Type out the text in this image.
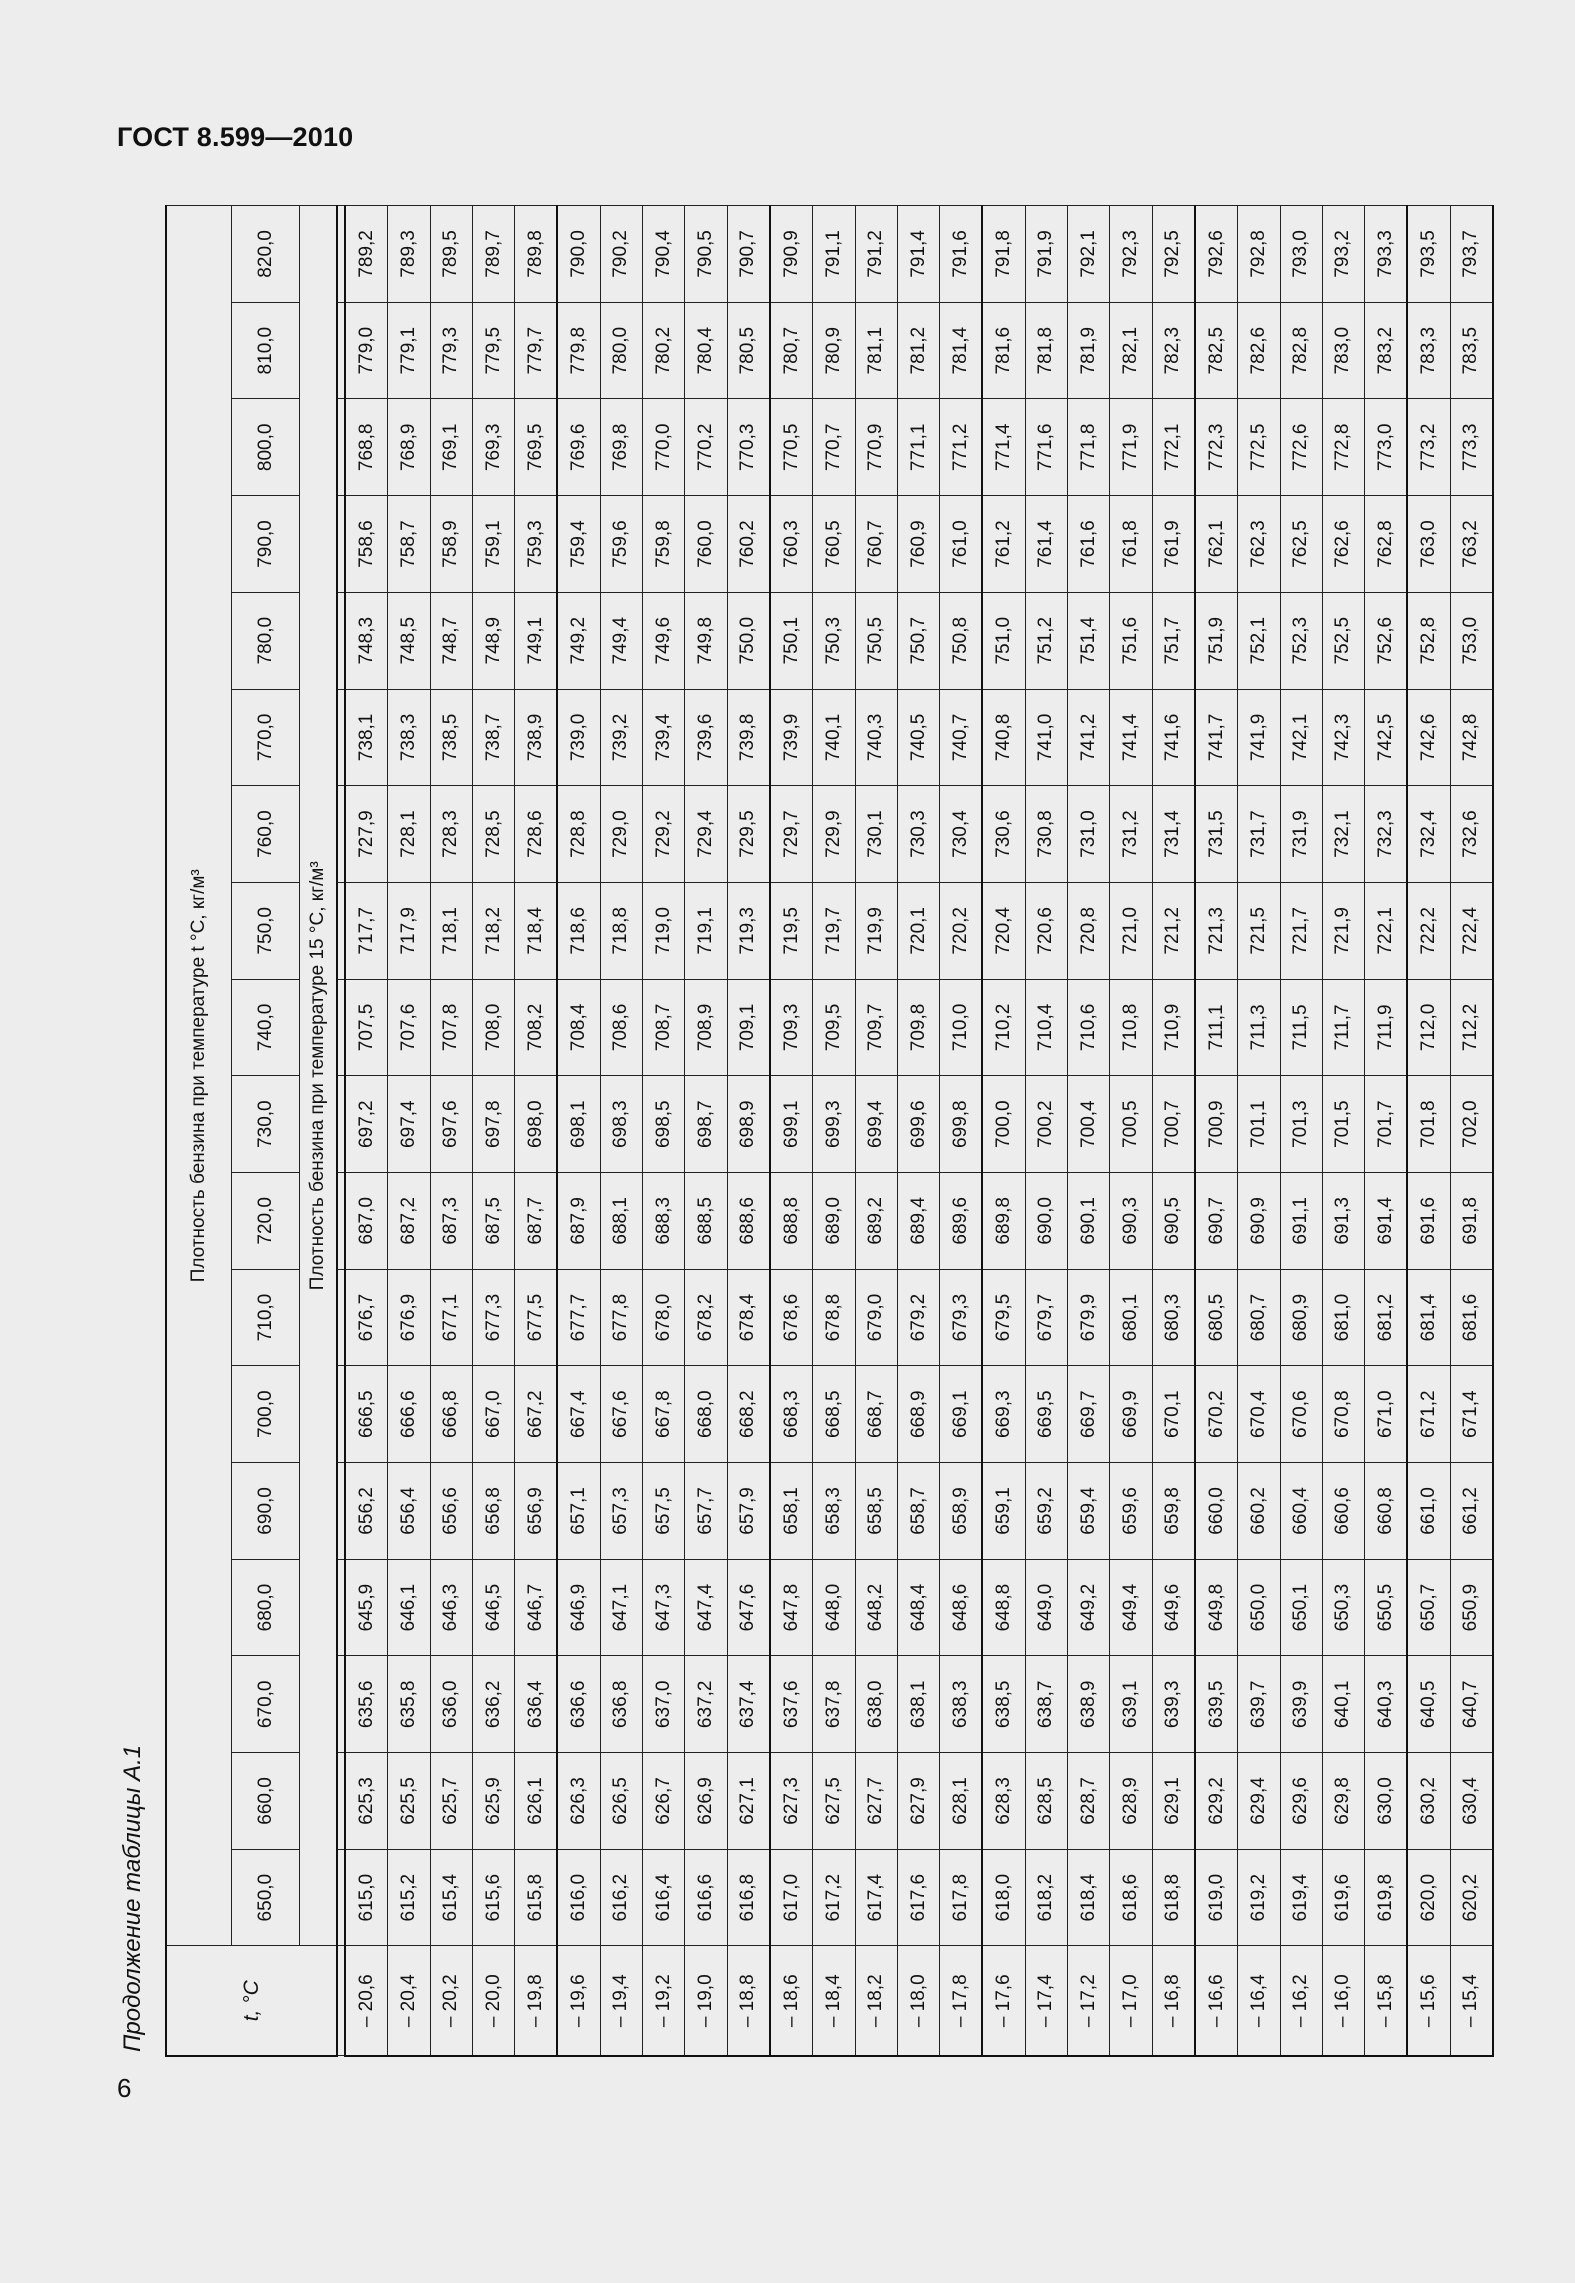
ГОСТ 8.599—2010
6
Продолжение таблицы А.1	t, °C	Плотность бензина при температуре t °C, кг/м³																	
	650,0	660,0	670,0	680,0	690,0	700,0	710,0	720,0	730,0	740,0	750,0	760,0	770,0	780,0	790,0	800,0	810,0	820,0
	Плотность бензина при температуре 15 °C, кг/м³																	

– 20,6	615,0	625,3	635,6	645,9	656,2	666,5	676,7	687,0	697,2	707,5	717,7	727,9	738,1	748,3	758,6	768,8	779,0	789,2
– 20,4	615,2	625,5	635,8	646,1	656,4	666,6	676,9	687,2	697,4	707,6	717,9	728,1	738,3	748,5	758,7	768,9	779,1	789,3
– 20,2	615,4	625,7	636,0	646,3	656,6	666,8	677,1	687,3	697,6	707,8	718,1	728,3	738,5	748,7	758,9	769,1	779,3	789,5
– 20,0	615,6	625,9	636,2	646,5	656,8	667,0	677,3	687,5	697,8	708,0	718,2	728,5	738,7	748,9	759,1	769,3	779,5	789,7
– 19,8	615,8	626,1	636,4	646,7	656,9	667,2	677,5	687,7	698,0	708,2	718,4	728,6	738,9	749,1	759,3	769,5	779,7	789,8
– 19,6	616,0	626,3	636,6	646,9	657,1	667,4	677,7	687,9	698,1	708,4	718,6	728,8	739,0	749,2	759,4	769,6	779,8	790,0
– 19,4	616,2	626,5	636,8	647,1	657,3	667,6	677,8	688,1	698,3	708,6	718,8	729,0	739,2	749,4	759,6	769,8	780,0	790,2
– 19,2	616,4	626,7	637,0	647,3	657,5	667,8	678,0	688,3	698,5	708,7	719,0	729,2	739,4	749,6	759,8	770,0	780,2	790,4
– 19,0	616,6	626,9	637,2	647,4	657,7	668,0	678,2	688,5	698,7	708,9	719,1	729,4	739,6	749,8	760,0	770,2	780,4	790,5
– 18,8	616,8	627,1	637,4	647,6	657,9	668,2	678,4	688,6	698,9	709,1	719,3	729,5	739,8	750,0	760,2	770,3	780,5	790,7
– 18,6	617,0	627,3	637,6	647,8	658,1	668,3	678,6	688,8	699,1	709,3	719,5	729,7	739,9	750,1	760,3	770,5	780,7	790,9
– 18,4	617,2	627,5	637,8	648,0	658,3	668,5	678,8	689,0	699,3	709,5	719,7	729,9	740,1	750,3	760,5	770,7	780,9	791,1
– 18,2	617,4	627,7	638,0	648,2	658,5	668,7	679,0	689,2	699,4	709,7	719,9	730,1	740,3	750,5	760,7	770,9	781,1	791,2
– 18,0	617,6	627,9	638,1	648,4	658,7	668,9	679,2	689,4	699,6	709,8	720,1	730,3	740,5	750,7	760,9	771,1	781,2	791,4
– 17,8	617,8	628,1	638,3	648,6	658,9	669,1	679,3	689,6	699,8	710,0	720,2	730,4	740,7	750,8	761,0	771,2	781,4	791,6
– 17,6	618,0	628,3	638,5	648,8	659,1	669,3	679,5	689,8	700,0	710,2	720,4	730,6	740,8	751,0	761,2	771,4	781,6	791,8
– 17,4	618,2	628,5	638,7	649,0	659,2	669,5	679,7	690,0	700,2	710,4	720,6	730,8	741,0	751,2	761,4	771,6	781,8	791,9
– 17,2	618,4	628,7	638,9	649,2	659,4	669,7	679,9	690,1	700,4	710,6	720,8	731,0	741,2	751,4	761,6	771,8	781,9	792,1
– 17,0	618,6	628,9	639,1	649,4	659,6	669,9	680,1	690,3	700,5	710,8	721,0	731,2	741,4	751,6	761,8	771,9	782,1	792,3
– 16,8	618,8	629,1	639,3	649,6	659,8	670,1	680,3	690,5	700,7	710,9	721,2	731,4	741,6	751,7	761,9	772,1	782,3	792,5
– 16,6	619,0	629,2	639,5	649,8	660,0	670,2	680,5	690,7	700,9	711,1	721,3	731,5	741,7	751,9	762,1	772,3	782,5	792,6
– 16,4	619,2	629,4	639,7	650,0	660,2	670,4	680,7	690,9	701,1	711,3	721,5	731,7	741,9	752,1	762,3	772,5	782,6	792,8
– 16,2	619,4	629,6	639,9	650,1	660,4	670,6	680,9	691,1	701,3	711,5	721,7	731,9	742,1	752,3	762,5	772,6	782,8	793,0
– 16,0	619,6	629,8	640,1	650,3	660,6	670,8	681,0	691,3	701,5	711,7	721,9	732,1	742,3	752,5	762,6	772,8	783,0	793,2
– 15,8	619,8	630,0	640,3	650,5	660,8	671,0	681,2	691,4	701,7	711,9	722,1	732,3	742,5	752,6	762,8	773,0	783,2	793,3
– 15,6	620,0	630,2	640,5	650,7	661,0	671,2	681,4	691,6	701,8	712,0	722,2	732,4	742,6	752,8	763,0	773,2	783,3	793,5
– 15,4	620,2	630,4	640,7	650,9	661,2	671,4	681,6	691,8	702,0	712,2	722,4	732,6	742,8	753,0	763,2	773,3	783,5	793,7
